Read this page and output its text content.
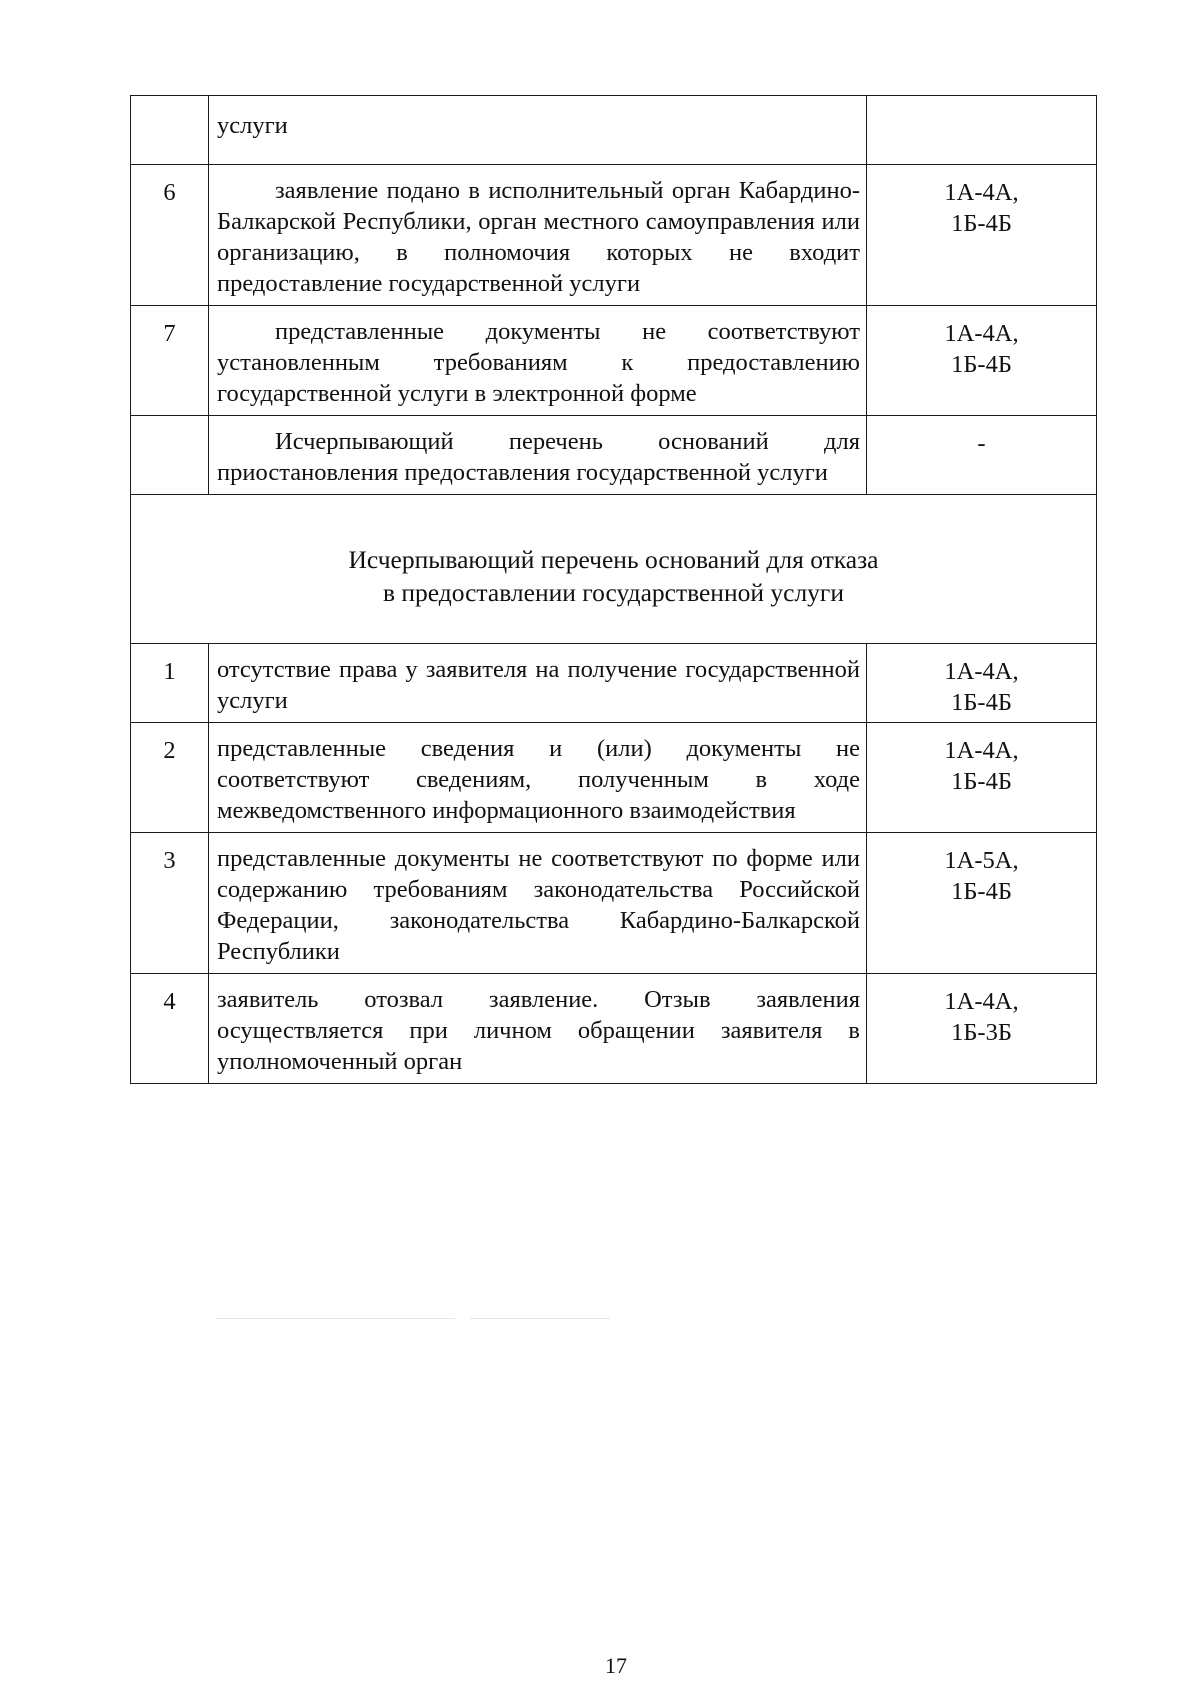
	услуги	

6	заявление подано в исполнительный орган Кабардино-Балкарской Республики, орган местного самоуправления или организацию, в полномочия которых не входит предоставление государственной услуги	1А-4А,
1Б-4Б

7	представленные документы не соответствуют установленным требованиям к предоставлению государственной услуги в электронной форме	1А-4А,
1Б-4Б

	Исчерпывающий перечень оснований для приостановления предоставления государственной услуги	-

Исчерпывающий перечень оснований для отказа
в предоставлении государственной услуги		

1	отсутствие права у заявителя на получение государственной услуги	1А-4А,
1Б-4Б

2	представленные сведения и (или) документы не соответствуют сведениям, полученным в ходе межведомственного информационного взаимодействия	1А-4А,
1Б-4Б

3	представленные документы не соответствуют по форме или содержанию требованиям законодательства Российской Федерации, законодательства Кабардино-Балкарской Республики	1А-5А,
1Б-4Б

4	заявитель отозвал заявление. Отзыв заявления осуществляется при личном обращении заявителя в уполномоченный орган	1А-4А,
1Б-3Б
17
